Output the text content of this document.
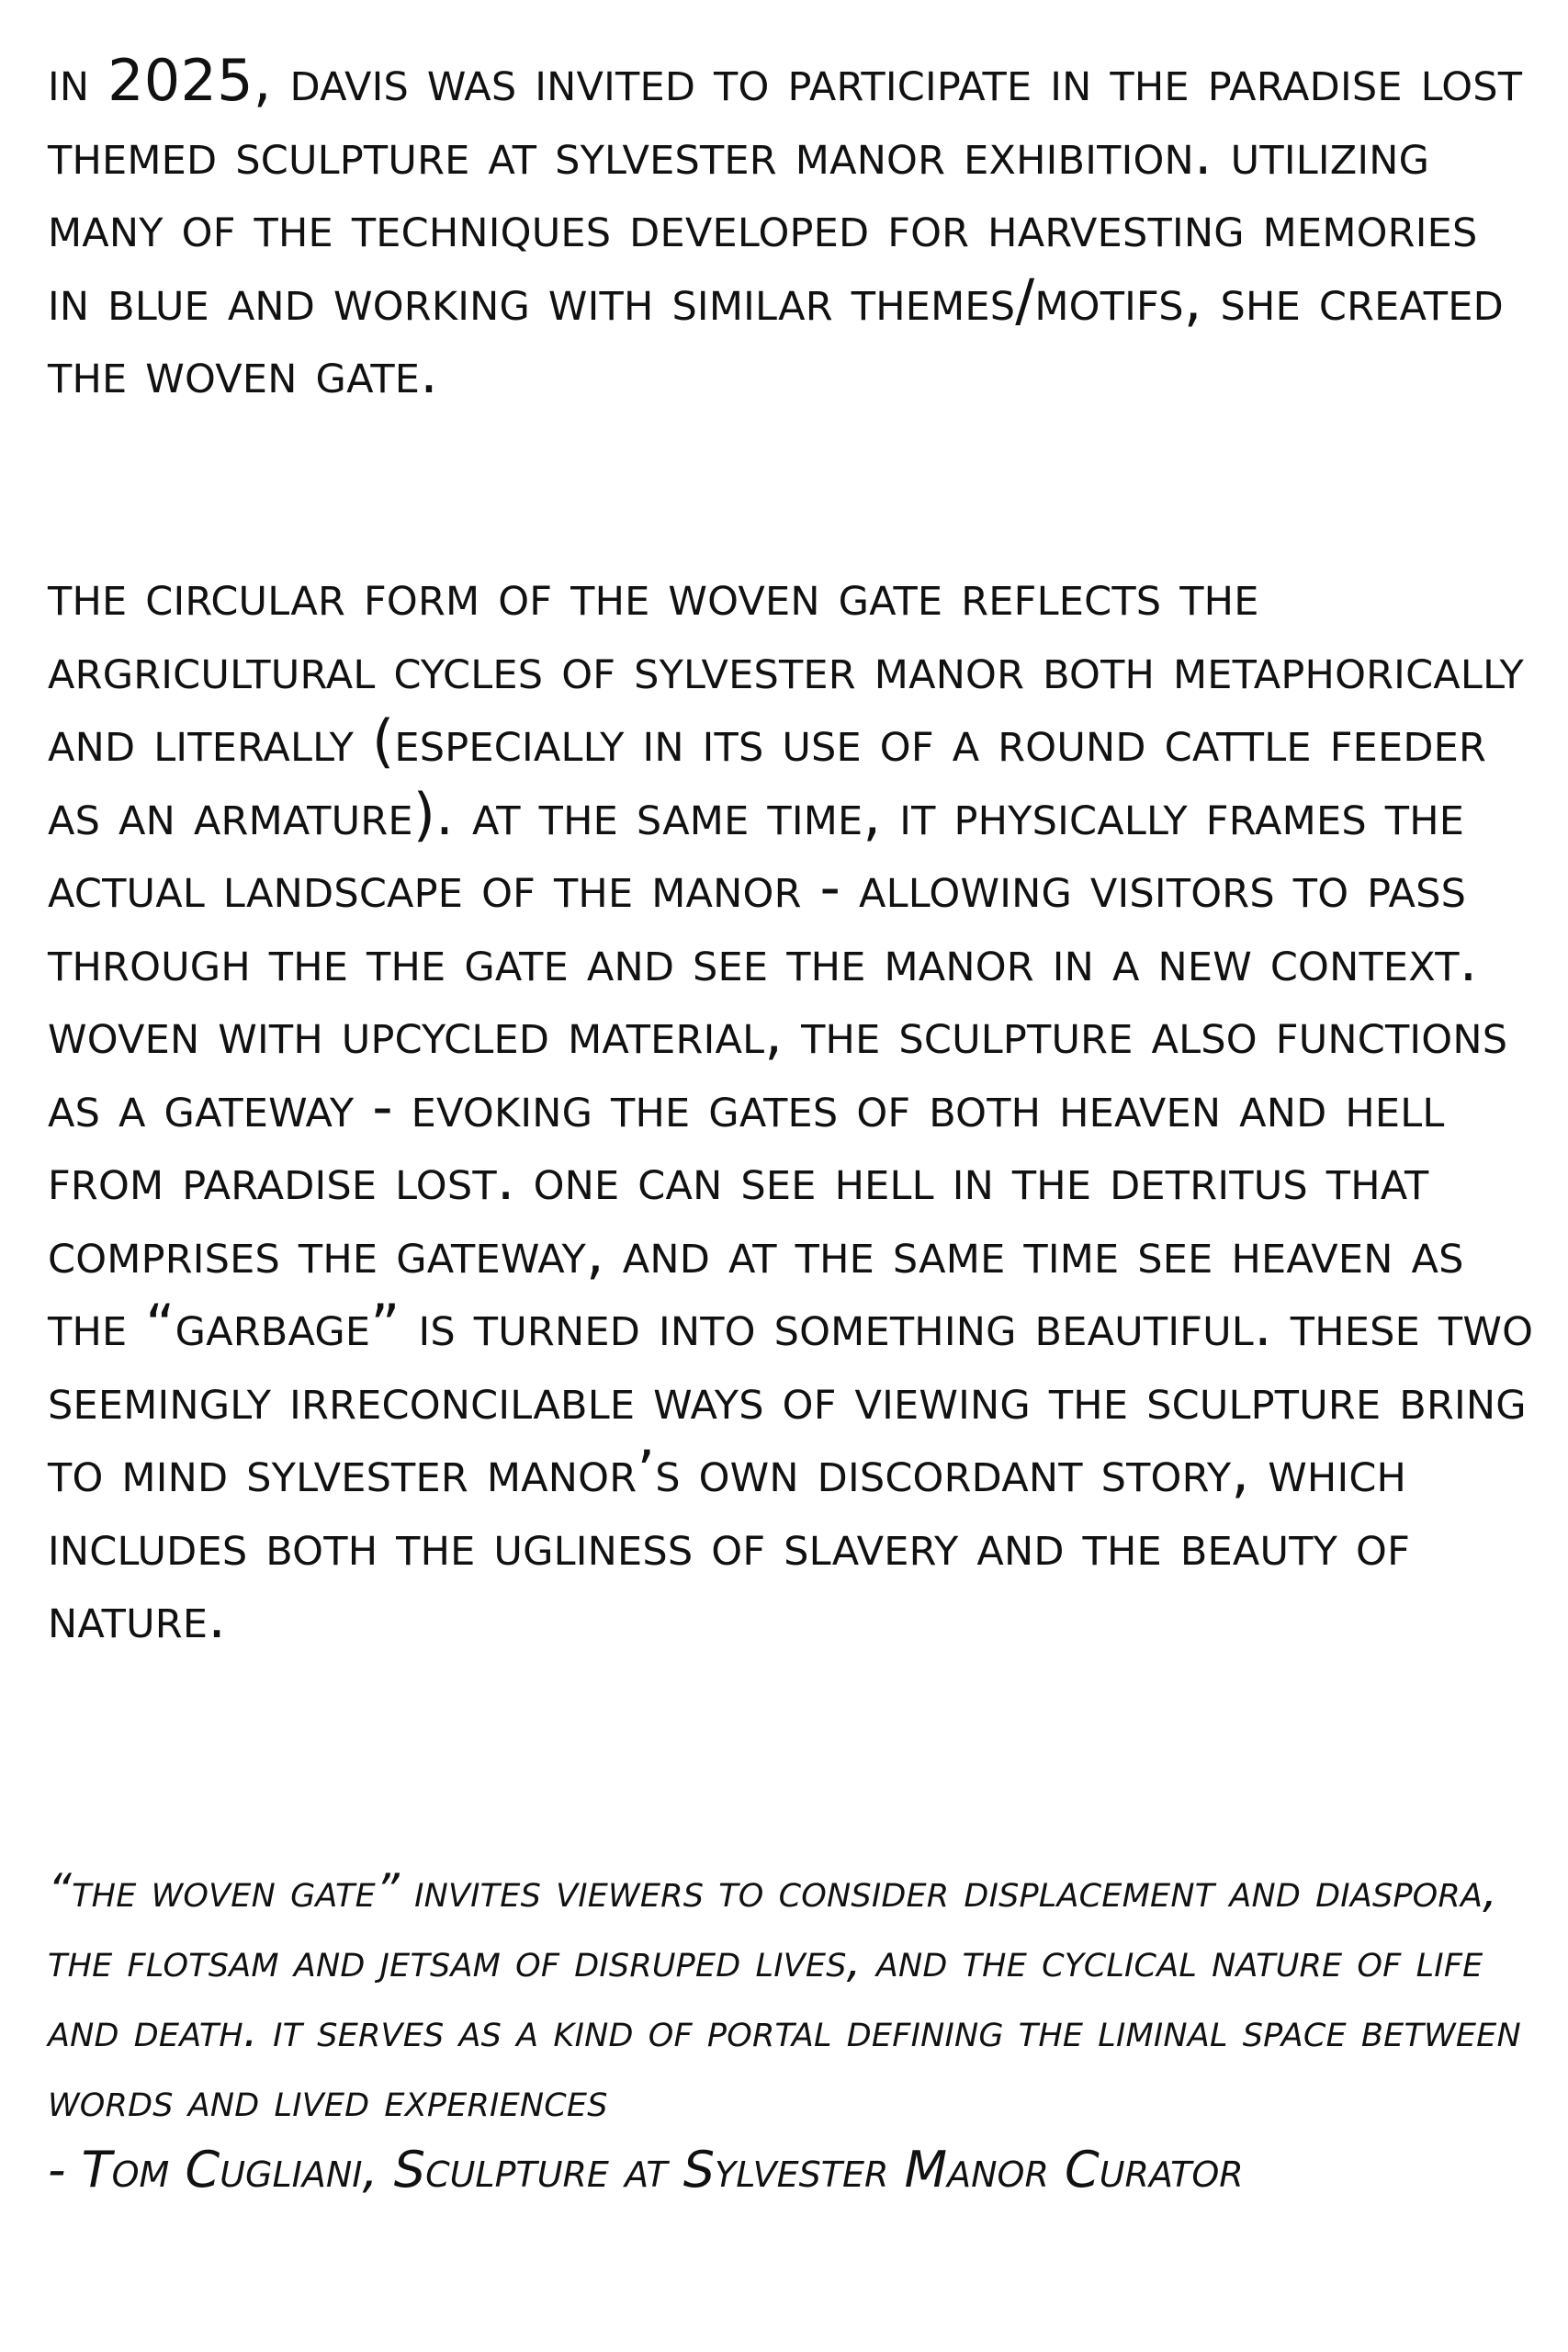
in 2025, davis was invited to participate in the paradise lost themed sculpture at sylvester manor exhibition. utilizing many of the techniques developed for harvesting memories in blue and working with similar themes/motifs, she created the woven gate.

the circular form of the woven gate reflects the argricultural cycles of sylvester manor both metaphorically and literally (especially in its use of a round cattle feeder as an armature). at the same time, it physically frames the actual landscape of the manor - allowing visitors to pass through the the gate and see the manor in a new context. woven with upcycled material, the sculpture also functions as a gateway - evoking the gates of both heaven and hell from paradise lost. one can see hell in the detritus that comprises the gateway, and at the same time see heaven as the “garbage” is turned into something beautiful. these two seemingly irreconcilable ways of viewing the sculpture bring to mind sylvester manor’s own discordant story, which includes both the ugliness of slavery and the beauty of nature.

“the woven gate” invites viewers to consider displacement and diaspora, the flotsam and jetsam of disruped lives, and the cyclical nature of life and death. it serves as a kind of portal defining the liminal space between words and lived experiences

- Tom Cugliani, Sculpture at Sylvester Manor Curator
